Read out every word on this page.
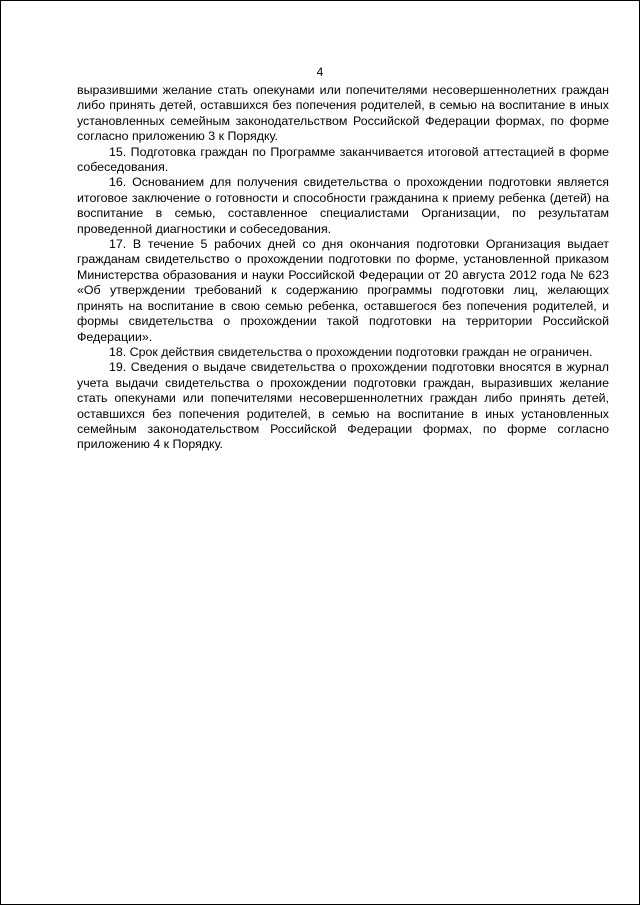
4

выразившими желание стать опекунами или попечителями несовершеннолетних граждан либо принять детей, оставшихся без попечения родителей, в семью на воспитание в иных установленных семейным законодательством Российской Федерации формах, по форме согласно приложению 3 к Порядку.

15. Подготовка граждан по Программе заканчивается итоговой аттестацией в форме собеседования.

16. Основанием для получения свидетельства о прохождении подготовки является итоговое заключение о готовности и способности гражданина к приему ребенка (детей) на воспитание в семью, составленное специалистами Организации, по результатам проведенной диагностики и собеседования.

17. В течение 5 рабочих дней со дня окончания подготовки Организация выдает гражданам свидетельство о прохождении подготовки по форме, установленной приказом Министерства образования и науки Российской Федерации от 20 августа 2012 года № 623 «Об утверждении требований к содержанию программы подготовки лиц, желающих принять на воспитание в свою семью ребенка, оставшегося без попечения родителей, и формы свидетельства о прохождении такой подготовки на территории Российской Федерации».

18. Срок действия свидетельства о прохождении подготовки граждан не ограничен.

19. Сведения о выдаче свидетельства о прохождении подготовки вносятся в журнал учета выдачи свидетельства о прохождении подготовки граждан, выразивших желание стать опекунами или попечителями несовершеннолетних граждан либо принять детей, оставшихся без попечения родителей, в семью на воспитание в иных установленных семейным законодательством Российской Федерации формах, по форме согласно приложению 4 к Порядку.
